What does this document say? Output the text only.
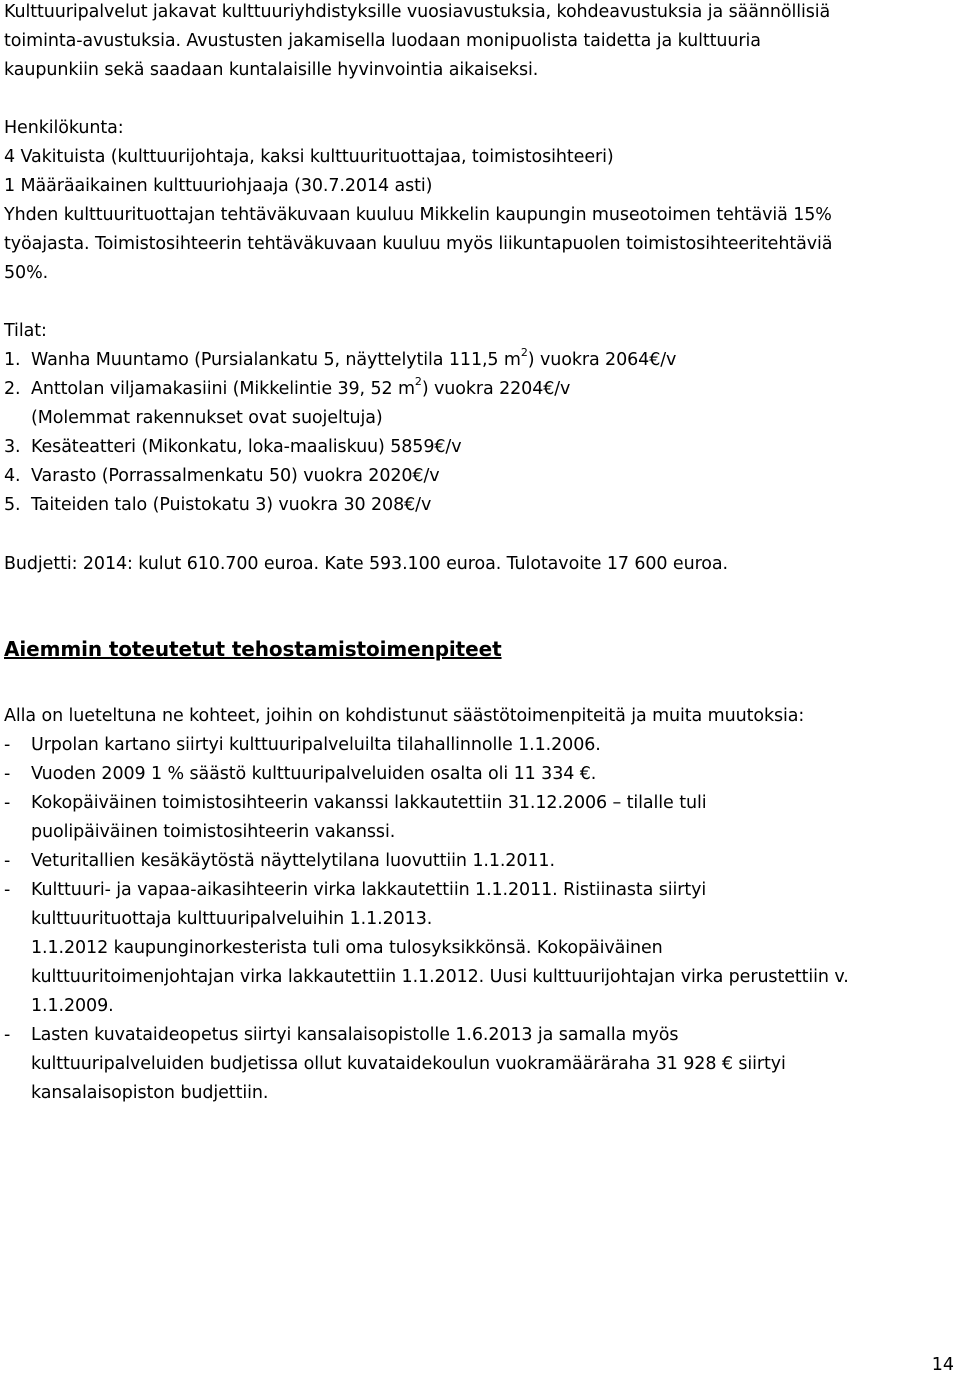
Kulttuuripalvelut jakavat kulttuuriyhdistyksille vuosiavustuksia, kohdeavustuksia ja säännöllisiä
toiminta-avustuksia. Avustusten jakamisella luodaan monipuolista taidetta ja kulttuuria
kaupunkiin sekä saadaan kuntalaisille hyvinvointia aikaiseksi.
Henkilökunta:
4 Vakituista (kulttuurijohtaja, kaksi kulttuurituottajaa, toimistosihteeri)
1 Määräaikainen kulttuuriohjaaja (30.7.2014 asti)
Yhden kulttuurituottajan tehtäväkuvaan kuuluu Mikkelin kaupungin museotoimen tehtäviä 15%
työajasta. Toimistosihteerin tehtäväkuvaan kuuluu myös liikuntapuolen toimistosihteeritehtäviä
50%.
Tilat:
1. Wanha Muuntamo (Pursialankatu 5, näyttelytila 111,5 $m^2$) vuokra 2064€/v
2. Anttolan viljamakasiini (Mikkelintie 39, 52 $m^2$) vuokra 2204€/v
(Molemmat rakennukset ovat suojeltuja)
3. Kesäteatteri (Mikonkatu, loka-maaliskuu) 5859€/v
4. Varasto (Porrassalmenkatu 50) vuokra 2020€/v
5. Taiteiden talo (Puistokatu 3) vuokra 30 208€/v
Budjetti: 2014: kulut 610.700 euroa. Kate 593.100 euroa. Tulotavoite 17 600 euroa.
Aiemmin toteutetut tehostamistoimenpiteet
Alla on lueteltuna ne kohteet, joihin on kohdistunut säästötoimenpiteitä ja muita muutoksia:
- Urpolan kartano siirtyi kulttuuripalveluilta tilahallinnolle 1.1.2006.
- Vuoden 2009 1 % säästö kulttuuripalveluiden osalta oli 11 334 €.
- Kokopäiväinen toimistosihteerin vakanssi lakkautettiin 31.12.2006 – tilalle tuli
puolipäiväinen toimistosihteerin vakanssi.
- Veturitallien kesäkäytöstä näyttelytilana luovuttiin 1.1.2011.
- Kulttuuri- ja vapaa-aikasihteerin virka lakkautettiin 1.1.2011. Ristiinasta siirtyi
kulttuurituottaja kulttuuripalveluihin 1.1.2013.
1.1.2012 kaupunginorkesterista tuli oma tulosyksikkönsä. Kokopäiväinen
kulttuuritoimenjohtajan virka lakkautettiin 1.1.2012. Uusi kulttuurijohtajan virka perustettiin v.
1.1.2009.
- Lasten kuvataideopetus siirtyi kansalaisopistolle 1.6.2013 ja samalla myös
kulttuuripalveluiden budjetissa ollut kuvataidekoulun vuokramääräraha 31 928 € siirtyi
kansalaisopiston budjettiin.
14
